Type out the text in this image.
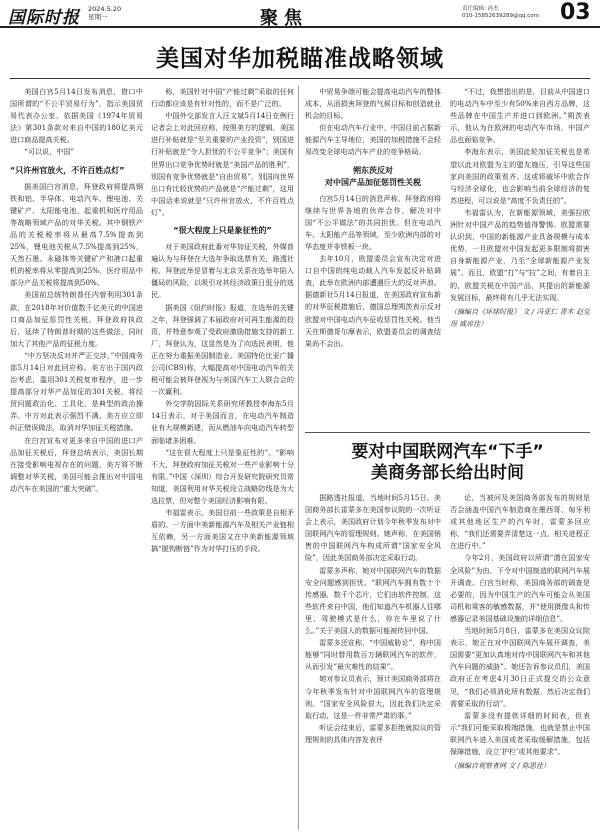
国际时报 2024.5.20
星期一	聚焦	责任编辑: 孙杰
010-15852639289@qq.com 03
美国对华加税瞄准战略领域

美国白宫5月14日发布消息，借口中国所谓的“不公平贸易行为”，指示美国贸易代表办公室，依据美国《1974年贸易法》第301条款对来自中国的180亿美元进口商品提高关税。

“可以说，中国”

“只许州官放火，不许百姓点灯”

据美国白宫消息，拜登政府将提高钢铁和铝、半导体、电动汽车、锂电池、关键矿产、太阳能电池、起重机和医疗用品等战略领域产品的对华关税。其中钢铁产品的关税税率将从最高7.5%提高到25%，锂电池关税从7.5%提高到25%，天然石墨、永磁体等关键矿产和港口起重机的税率将从零提高到25%，医疗用品中部分产品关税将提高到50%。

美国前总统特朗普任内曾利用301条款，在2018年对价值数千亿美元的中国进口商品加征惩罚性关税。拜登政府执政后，延续了特朗普时期的这些做法，同时加大了其他产品的征税力度。

“中方坚决反对并严正交涉，”中国商务部5月14日对此回应称。美方出于国内政治考虑，滥用301关税复审程序，进一步提高部分对华产品加征的301关税，将经贸问题政治化、工具化，是典型的政治操弄。中方对此表示强烈不满。美方应立即纠正错误做法，取消对华加征关税措施。

在白宫宣布对更多来自中国的进口产品加征关税后，拜登总统表示，美国长期在接受影响电视存在的问题，美方将不断调整对华关税，美国可能会推出对中国电动汽车在美国的“重大突破”。

称，美国针对中国“产能过剩”采取的任何行动都应该是有针对性的，而不是广泛的。

中国外交部发言人汪文斌5月14日在例行记者会上对此回应称，按照美方的逻辑，美国进行补贴就是“至关重要的产业投资”，别国进行补贴就是“令人担忧的不公平竞争”；美国有世界出口竞争优势时就是“美国产品的胜利”，别国有竞争优势就是“自由贸易”，别国向世界出口有比较优势的产品就是“产能过剩”，这用中国话来说就是“只许州官放火，不许百姓点灯”。

“很大程度上只是象征性的”

对于美国政府此番对华加征关税，外媒普遍认为与拜登在大选年争取选票有关，路透社称，拜登此举是冒着与北京关系在选举年陷入僵局的风险，以吸引对其经济政策日低分的选民。

据美国《纽约时报》报道，在选举的关键之年，拜登强调了本届政府对可再生能源的投资，并特意参观了受政府激励措施支持的新工厂，拜登认为，这显然是为了向选民表明，他正在努力重振美国制造业。美国特伦比亚广播公司(CBS)称，大幅提高对中国电动汽车的关税可能会被拜登视为与美国汽车工人联合会的一次赢利。

外交学院国际关系研究所教授李海东5月14日表示，对于美国而言，在电动汽车制造业有大规模新建，而从燃油车向电动汽车转型面临诸多困难。

“这在很大程度上只是象征性的”。“影响不大，拜登政府加征关税对一些产业影响十分有限。”中国（深圳）综合开发研究院研究员常知道，美国利用对华关税设立战略防线是为大选拉票，但对整个美国经济影响有限。

韦福雷表示，美国目前一些政策是自相矛盾的。一方面中美新能源汽车及相关产业链相互依赖，另一方面美国又在中美新能源领域搞“脱钩断链”作为对华打压的手段。

中贸易争端可能会提高电动汽车的整体成本，从而损害拜登的气候目标和创造就业机会的目标。

但在电动汽车行业中，中国目前占据新能源汽车主导地位，美国的加税措施不会轻易改变全球电动汽车产业的竞争格局。

朔东茨反对
对中国产品加征惩罚性关税

白宫5月14日的消息声称，拜登政府将继续与世界各地的伙伴合作，解决对中国“不公平做法”的共同担忧。但在电动汽车、太阳能产品等领域，至少欧洲内部的对华态度并非铁板一块。

去年10月，欧盟委员会宣布决定对进口自中国的纯电动载人汽车发起反补贴调查，此举在欧洲内部遭遇巨大的反对声浪。据德新社5月14日报道，在美国政府宣布新的对华征税措施后，德国总理朔茨表示反对欧盟对中国电动汽车征收惩罚性关税。他当天在斯德哥尔摩表示，欧盟委员会的调查结果尚不会出。

“不过，我想指出的是，目前从中国进口的电动汽车中至少有50%来自西方品牌，这些品牌在中国生产并进口到欧洲。”朔茨表示，他认为在欧洲的电动汽车市场，中国产品也面临竞争。

李海东表示，美国此轮加征关税也是希望以此对欧盟为主的盟友施压，引导这些国家向美国的政策看齐。这或将破坏中欧合作与经济全球化，也会影响当前全球经济的复苏进程，可以说是“高度不负责任的”。

韦福雷认为，在新能源领域，美强拉欧洲针对中国产品的趋势值得警惕。欧盟需要认识到，中国的新能源产业具备规模与成本优势，一旦欧盟对中国发起更多限制将损害自身新能源产业，乃至“全球新能源产业发展”。而且，欧盟“打”与“拉”之间，有着自主的，欧盟关税在中国产品，其提出的新能源发展目标，最终将有几乎无法实现。

（摘编自《环球时报》 文 / 冯亚仁 青木 赵觉珵 戚席佳）
要对中国联网汽车“下手”
美商务部长给出时间

据路透社报道，当地时间5月15日，美国商务部长雷蒙多在美国参议院的一次听证会上表示，美国政府计划今年秋季发布对中国联网汽车的管理规则。她声称，在美国销售的中国联网汽车构成所谓“国家安全风险”，因此美国商务部决定采取行动。

雷蒙多声称，她对中国联网汽车的数据安全问题感到担忧。“联网汽车拥有数十个传感器，数千个芯片，它们由软件控制，这些软件来自中国，他们知道汽车机器人往哪里、驾驶模式是什么，你在车里说了什么。”关于美国人的数据可能被传回中国。

雷蒙多还宣称，“中国威胁论”，称中国能够“同时替用数百万辆联网汽车的软件，从而引发”最灾难性的结果”。

她对参议员表示，预计美国商务部将在今年秋季发布针对中国联网汽车的管理规则。“国家安全风险很大，因此我们决定采取行动，这是一件非常严肃的事。”

听证会结束后，雷蒙多拒绝就拟议的管理规则的具体内容发表评

论，当被问及美国商务部发布的规则是否会涵盖中国汽车制造商在墨西哥、匈牙利或其他地区生产的汽车时，雷蒙多回应称，“我们还需要弄清楚这一点，相关进程正在进行中。”

今年2月，美国政府以所谓“潜在国家安全风险”为由，下令对中国制造的联网汽车展开调查。白宫当时称，美国商务部的调查是必要的，因为中国生产的汽车可能会从美国司机和乘客的敏感数据，并“使用摄像头和传感器记录美国基础设施的详细信息”。

当地时间5月8日，雷蒙多在美国众议院表示，她正在对中国联网汽车展开调查，美国需要“更加认真地对待中国联网汽车和其他汽车问题的威胁”。她还告诉参议员们，美国政府正在考虑4月30日正式提交的公众意见，“我们必须消化所有数据，然后决定我们需要采取的行动”。

雷蒙多没有提供详细的时间表，但表示“我们可能采取极端措施，也就是禁止中国联网汽车进入美国或者采取缓解措施，包括保障措施，设立‘护栏’或其他要求”。

（摘编自观察者网 文 / 陈思佳）
